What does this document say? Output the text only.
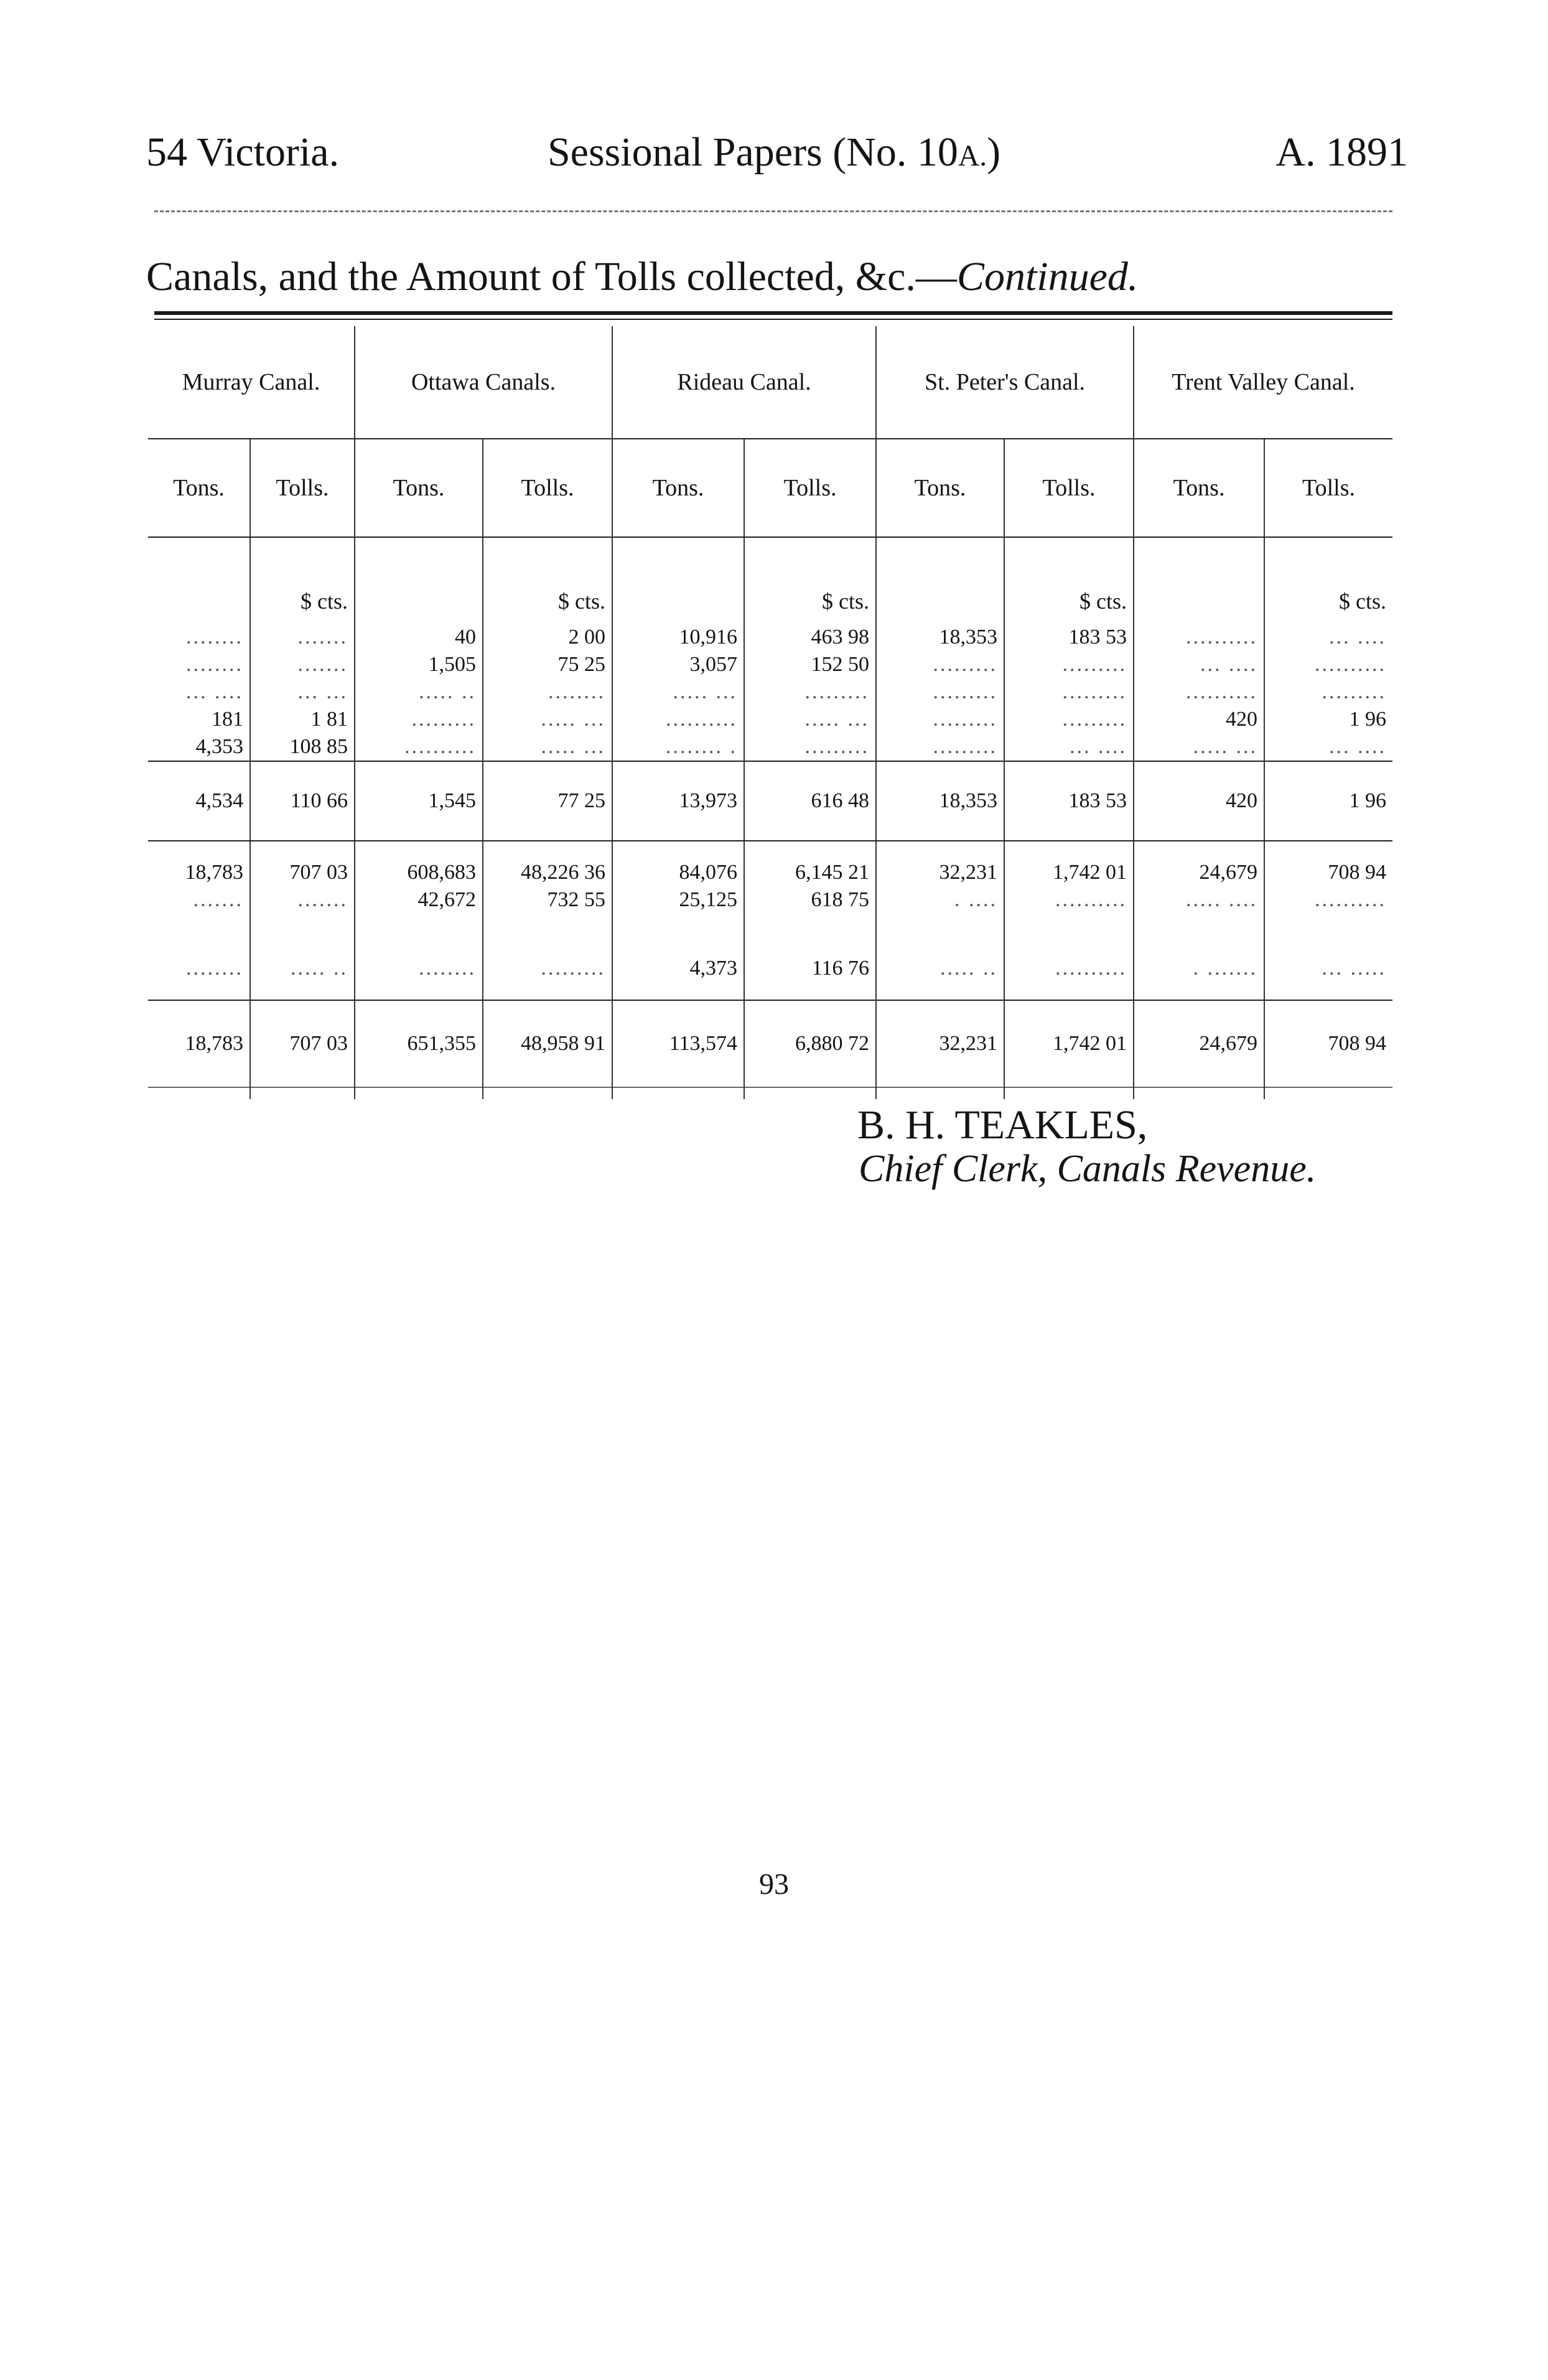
54 Victoria.	Sessional Papers (No. 10A.)	A. 1891
Canals, and the Amount of Tolls collected, &c.—Continued.
Murray Canal.		Ottawa Canals.		Rideau Canal.		St. Peter's Canal.		Trent Valley Canal.	
Tons.	Tolls.	Tons.	Tolls.	Tons.	Tolls.	Tons.	Tolls.	Tons.	Tolls.
	$ cts.		$ cts.		$ cts.		$ cts.		$ cts.
........	.......	40	2 00	10,916	463 98	18,353	183 53	..........	... ....
........	.......	1,505	75 25	3,057	152 50	.........	.........	... ....	..........
... ....	... ...	..... ..	........	..... ...	.........	.........	.........	..........	.........
181	1 81	.........	..... ...	..........	..... ...	.........	.........	420	1 96
4,353	108 85	..........	..... ...	........ .	.........	.........	... ....	..... ...	... ....
4,534	110 66	1,545	77 25	13,973	616 48	18,353	183 53	420	1 96

18,783	707 03	608,683	48,226 36	84,076	6,145 21	32,231	1,742 01	24,679	708 94
.......	.......	42,672	732 55	25,125	618 75	. ....	..........	..... ....	..........

........	..... ..	........	.........	4,373	116 76	..... ..	..........	. .......	... .....

18,783	707 03	651,355	48,958 91	113,574	6,880 72	32,231	1,742 01	24,679	708 94

B. H. TEAKLES,
Chief Clerk, Canals Revenue.
93
